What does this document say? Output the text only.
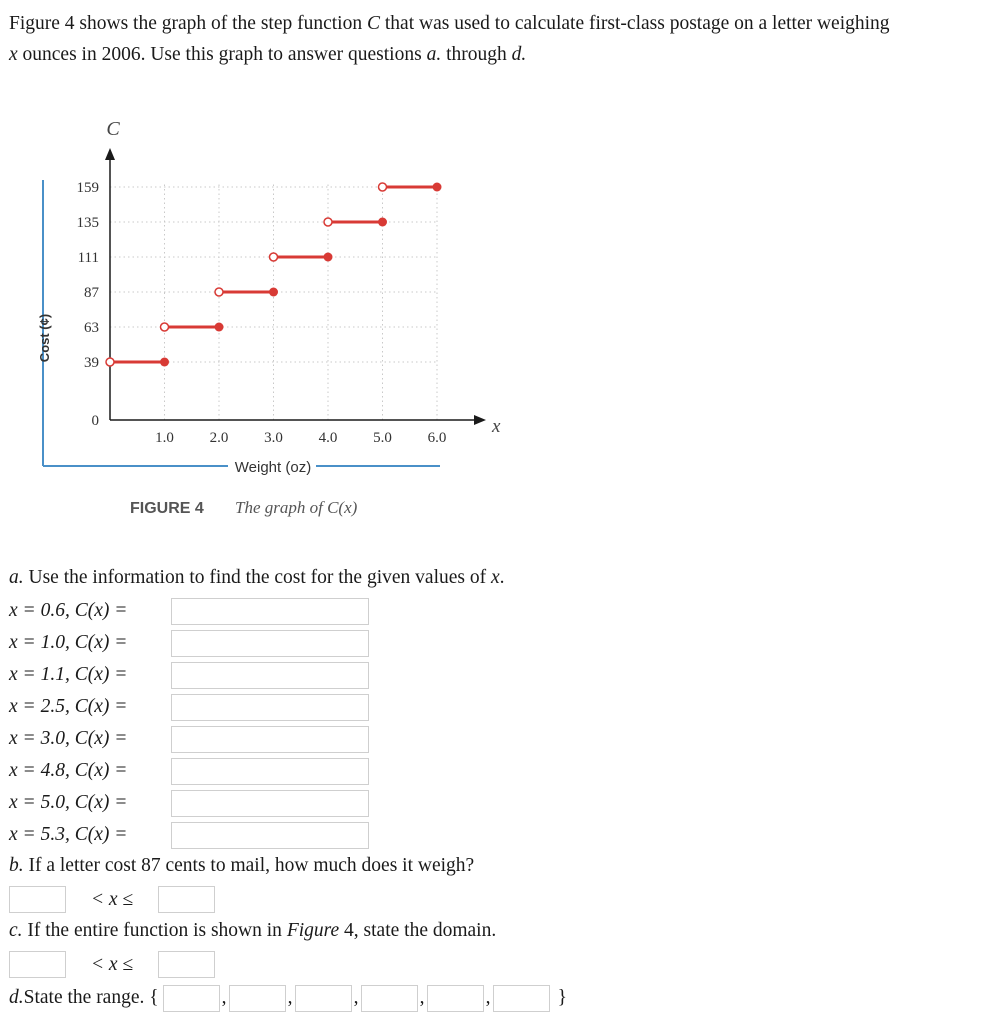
Figure 4 shows the graph of the step function C that was used to calculate first-class postage on a letter weighing
x ounces in 2006. Use this graph to answer questions a. through d.

C
x
1.0 2.0 3.0 4.0 5.0 6.0
0
39
63
87
111
135
159
Weight (oz)
Cost (¢)
FIGURE 4 The graph of C(x)
a. Use the information to find the cost for the given values of x.
x = 0.6, C(x) =
x = 1.0, C(x) =
x = 1.1, C(x) =
x = 2.5, C(x) =
x = 3.0, C(x) =
x = 4.8, C(x) =
x = 5.0, C(x) =
x = 5.3, C(x) =
b. If a letter cost 87 cents to mail, how much does it weigh?
< x ≤
c. If the entire function is shown in Figure 4, state the domain.
< x ≤
d. State the range. {	,	,	,	,	,	}
